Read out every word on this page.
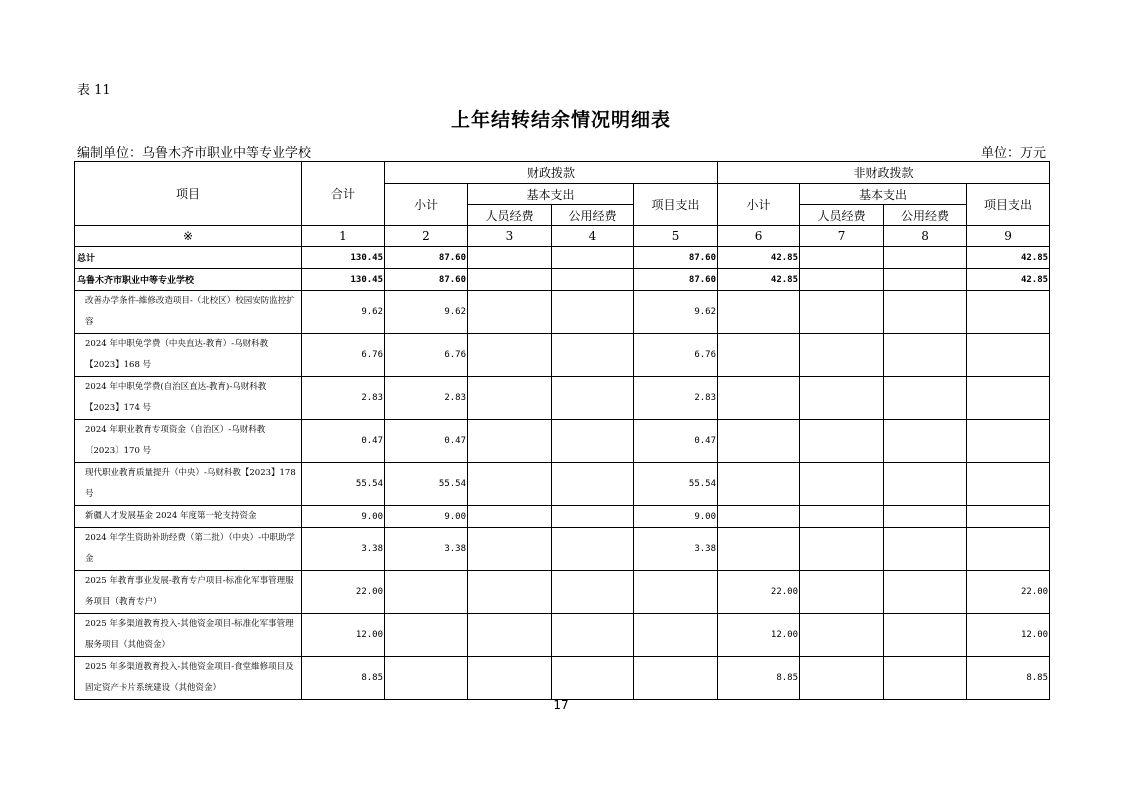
表 11
上年结转结余情况明细表
编制单位：乌鲁木齐市职业中等专业学校	单位：万元
项目	合计	财政拨款				非财政拨款			
		小计	基本支出		项目支出	小计	基本支出		项目支出
			人员经费	公用经费			人员经费	公用经费	
※	1	2	3	4	5	6	7	8	9
总计	130.45	87.60			87.60	42.85			42.85
乌鲁木齐市职业中等专业学校	130.45	87.60			87.60	42.85			42.85
改善办学条件-維修改造项目-（北校区）校园安防监控扩容	9.62	9.62			9.62				
2024 年中职免学费（中央直达-教育）-乌财科教【2023】168 号	6.76	6.76			6.76				
2024 年中职免学费(自治区直达-教育)-乌财科教【2023】174 号	2.83	2.83			2.83				
2024 年职业教育专项资金（自治区）-乌财科教〔2023〕170 号	0.47	0.47			0.47				
现代职业教育质量提升（中央）-乌财科教【2023】178 号	55.54	55.54			55.54				
新疆人才发展基金 2024 年度第一轮支持资金	9.00	9.00			9.00				
2024 年学生资助补助经费（第二批）（中央）-中职助学金	3.38	3.38			3.38				
2025 年教育事业发展-教育专户项目-标准化军事管理服务项目（教育专户）	22.00					22.00			22.00
2025 年多渠道教育投入-其他资金项目-标准化军事管理服务项目（其他资金）	12.00					12.00			12.00
2025 年多渠道教育投入-其他资金项目-食堂維修项目及固定资产卡片系统建设（其他资金）	8.85					8.85			8.85
17
